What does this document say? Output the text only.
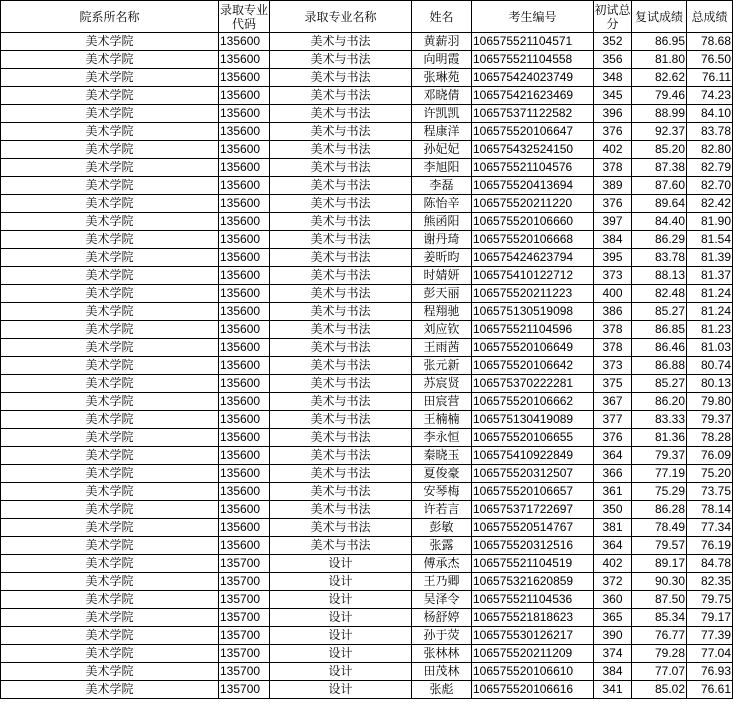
院系所名称	录取专业代码	录取专业名称	姓名	考生编号	初试总分	复试成绩	总成绩
美术学院	135600	美术与书法	黄薪羽	106575521104571	352	86.95	78.68
美术学院	135600	美术与书法	向明霞	106575521104558	356	81.80	76.50
美术学院	135600	美术与书法	张琳苑	106575424023749	348	82.62	76.11
美术学院	135600	美术与书法	邓晓倩	106575421623469	345	79.46	74.23
美术学院	135600	美术与书法	许凯凯	106575371122582	396	88.99	84.10
美术学院	135600	美术与书法	程康洋	106575520106647	376	92.37	83.78
美术学院	135600	美术与书法	孙妃妃	106575432524150	402	85.20	82.80
美术学院	135600	美术与书法	李旭阳	106575521104576	378	87.38	82.79
美术学院	135600	美术与书法	李磊	106575520413694	389	87.60	82.70
美术学院	135600	美术与书法	陈怡辛	106575520211220	376	89.64	82.42
美术学院	135600	美术与书法	熊函阳	106575520106660	397	84.40	81.90
美术学院	135600	美术与书法	谢丹琦	106575520106668	384	86.29	81.54
美术学院	135600	美术与书法	姜昕昀	106575424623794	395	83.78	81.39
美术学院	135600	美术与书法	时婧妍	106575410122712	373	88.13	81.37
美术学院	135600	美术与书法	彭天丽	106575520211223	400	82.48	81.24
美术学院	135600	美术与书法	程翔驰	106575130519098	386	85.27	81.24
美术学院	135600	美术与书法	刘应钦	106575521104596	378	86.85	81.23
美术学院	135600	美术与书法	王雨茜	106575520106649	378	86.46	81.03
美术学院	135600	美术与书法	张元新	106575520106642	373	86.88	80.74
美术学院	135600	美术与书法	苏宸贤	106575370222281	375	85.27	80.13
美术学院	135600	美术与书法	田宸营	106575520106662	367	86.20	79.80
美术学院	135600	美术与书法	王楠楠	106575130419089	377	83.33	79.37
美术学院	135600	美术与书法	李永恒	106575520106655	376	81.36	78.28
美术学院	135600	美术与书法	秦晓玉	106575410922849	364	79.37	76.09
美术学院	135600	美术与书法	夏俊豪	106575520312507	366	77.19	75.20
美术学院	135600	美术与书法	安琴梅	106575520106657	361	75.29	73.75
美术学院	135600	美术与书法	许若言	106575371722697	350	86.28	78.14
美术学院	135600	美术与书法	彭敏	106575520514767	381	78.49	77.34
美术学院	135600	美术与书法	张露	106575520312516	364	79.57	76.19
美术学院	135700	设计	傅承杰	106575521104519	402	89.17	84.78
美术学院	135700	设计	王乃卿	106575321620859	372	90.30	82.35
美术学院	135700	设计	吴泽令	106575521104536	360	87.50	79.75
美术学院	135700	设计	杨舒婷	106575521818623	365	85.34	79.17
美术学院	135700	设计	孙于荧	106575530126217	390	76.77	77.39
美术学院	135700	设计	张林林	106575520211209	374	79.28	77.04
美术学院	135700	设计	田茂林	106575520106610	384	77.07	76.93
美术学院	135700	设计	张彪	106575520106616	341	85.02	76.61
